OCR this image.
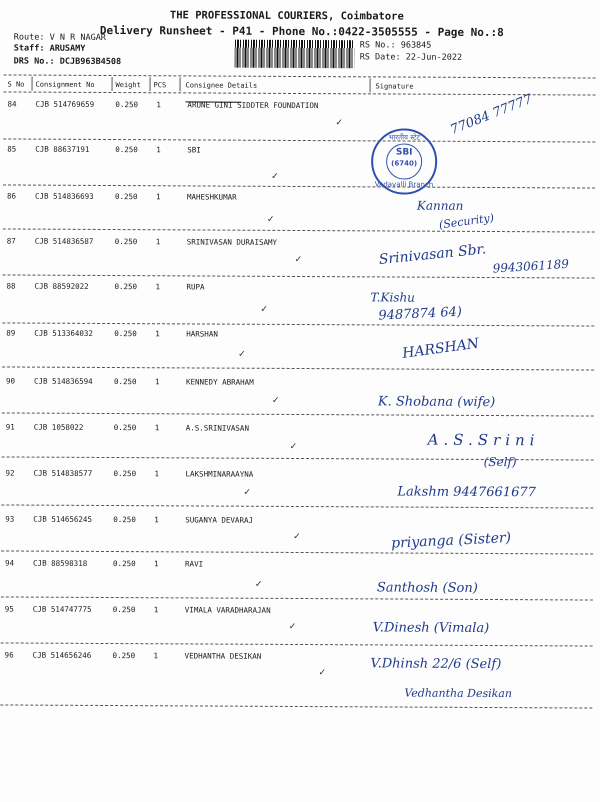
THE PROFESSIONAL COURIERS, Coimbatore
Delivery Runsheet - P41 - Phone No.:0422-3505555 - Page No.:8
Route: V N R NAGAR
Staff: ARUSAMY
DRS No.: DCJB963B4508
RS No.: 963845
RS Date: 22-Jun-2022
S No Consignment No	Weight PCS	Consignee Details	Signature
84	CJB 514769659	0.250 1	ARUNE GINI SIDDTER FOUNDATION
✓	77084 77777
85	CJB 88637191	0.250 1	SBI
✓
भारतीय स्टेट
SBI
(6740)
Vadavalli Branch
86	CJB 514836693	0.250 1	MAHESHKUMAR
✓
Kannan
(Security)
87	CJB 514836587	0.250 1	SRINIVASAN DURAISAMY
✓	Srinivasan Sbr. 9943061189
88	CJB 88592022	0.250 1	RUPA
✓
T.Kishu
9487874 64)
89	CJB 513364032	0.250 1	HARSHAN
✓	HARSHAN
90	CJB 514836594	0.250 1	KENNEDY ABRAHAM
✓	K. Shobana (wife)
91	CJB 1058022	0.250 1	A.S.SRINIVASAN
✓	A.S.Srini
(Self)
92	CJB 514838577	0.250 1	LAKSHMINARAAYNA
✓	Lakshm 9447661677
93	CJB 514656245	0.250 1	SUGANYA DEVARAJ
✓	priyanga (Sister)
94	CJB 88598318	0.250 1	RAVI
✓	Santhosh (Son)
95	CJB 514747775	0.250 1	VIMALA VARADHARAJAN
✓	V.Dinesh (Vimala)
96	CJB 514656246	0.250 1	VEDHANTHA DESIKAN
✓
V.Dhinsh 22/6 (Self)
Vedhantha Desikan
